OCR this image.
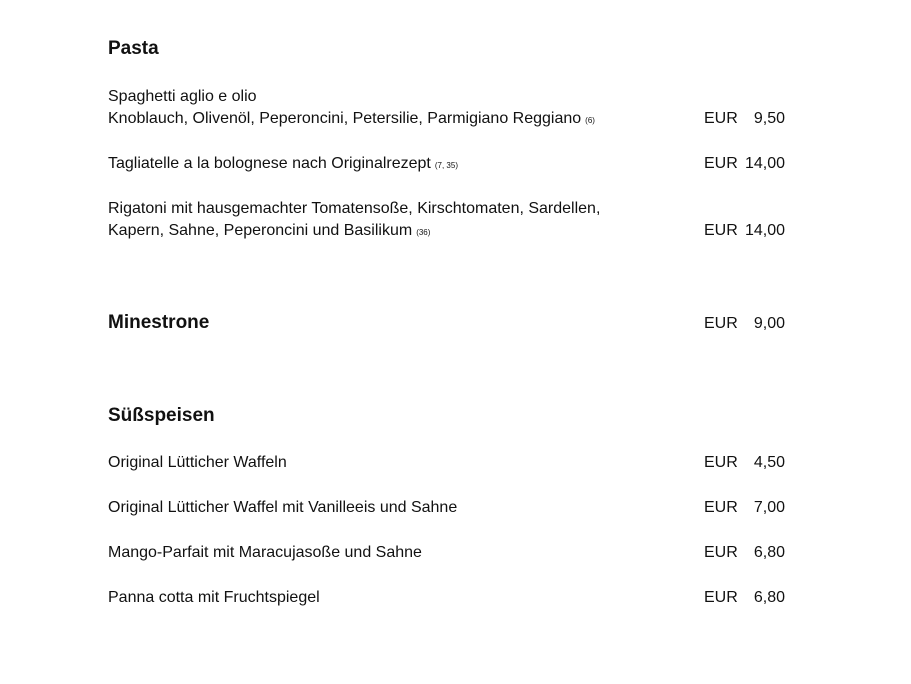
Pasta
Spaghetti aglio e olio
Knoblauch, Olivenöl, Peperoncini, Petersilie, Parmigiano Reggiano (6)	EUR 9,50
Tagliatelle a la bolognese nach Originalrezept (7, 35)	EUR 14,00
Rigatoni mit hausgemachter Tomatensoße, Kirschtomaten, Sardellen,
Kapern, Sahne, Peperoncini und Basilikum (36)	EUR 14,00
Minestrone	EUR 9,00
Süßspeisen
Original Lütticher Waffeln	EUR 4,50
Original Lütticher Waffel mit Vanilleeis und Sahne	EUR 7,00
Mango-Parfait mit Maracujasoße und Sahne	EUR 6,80
Panna cotta mit Fruchtspiegel	EUR 6,80
